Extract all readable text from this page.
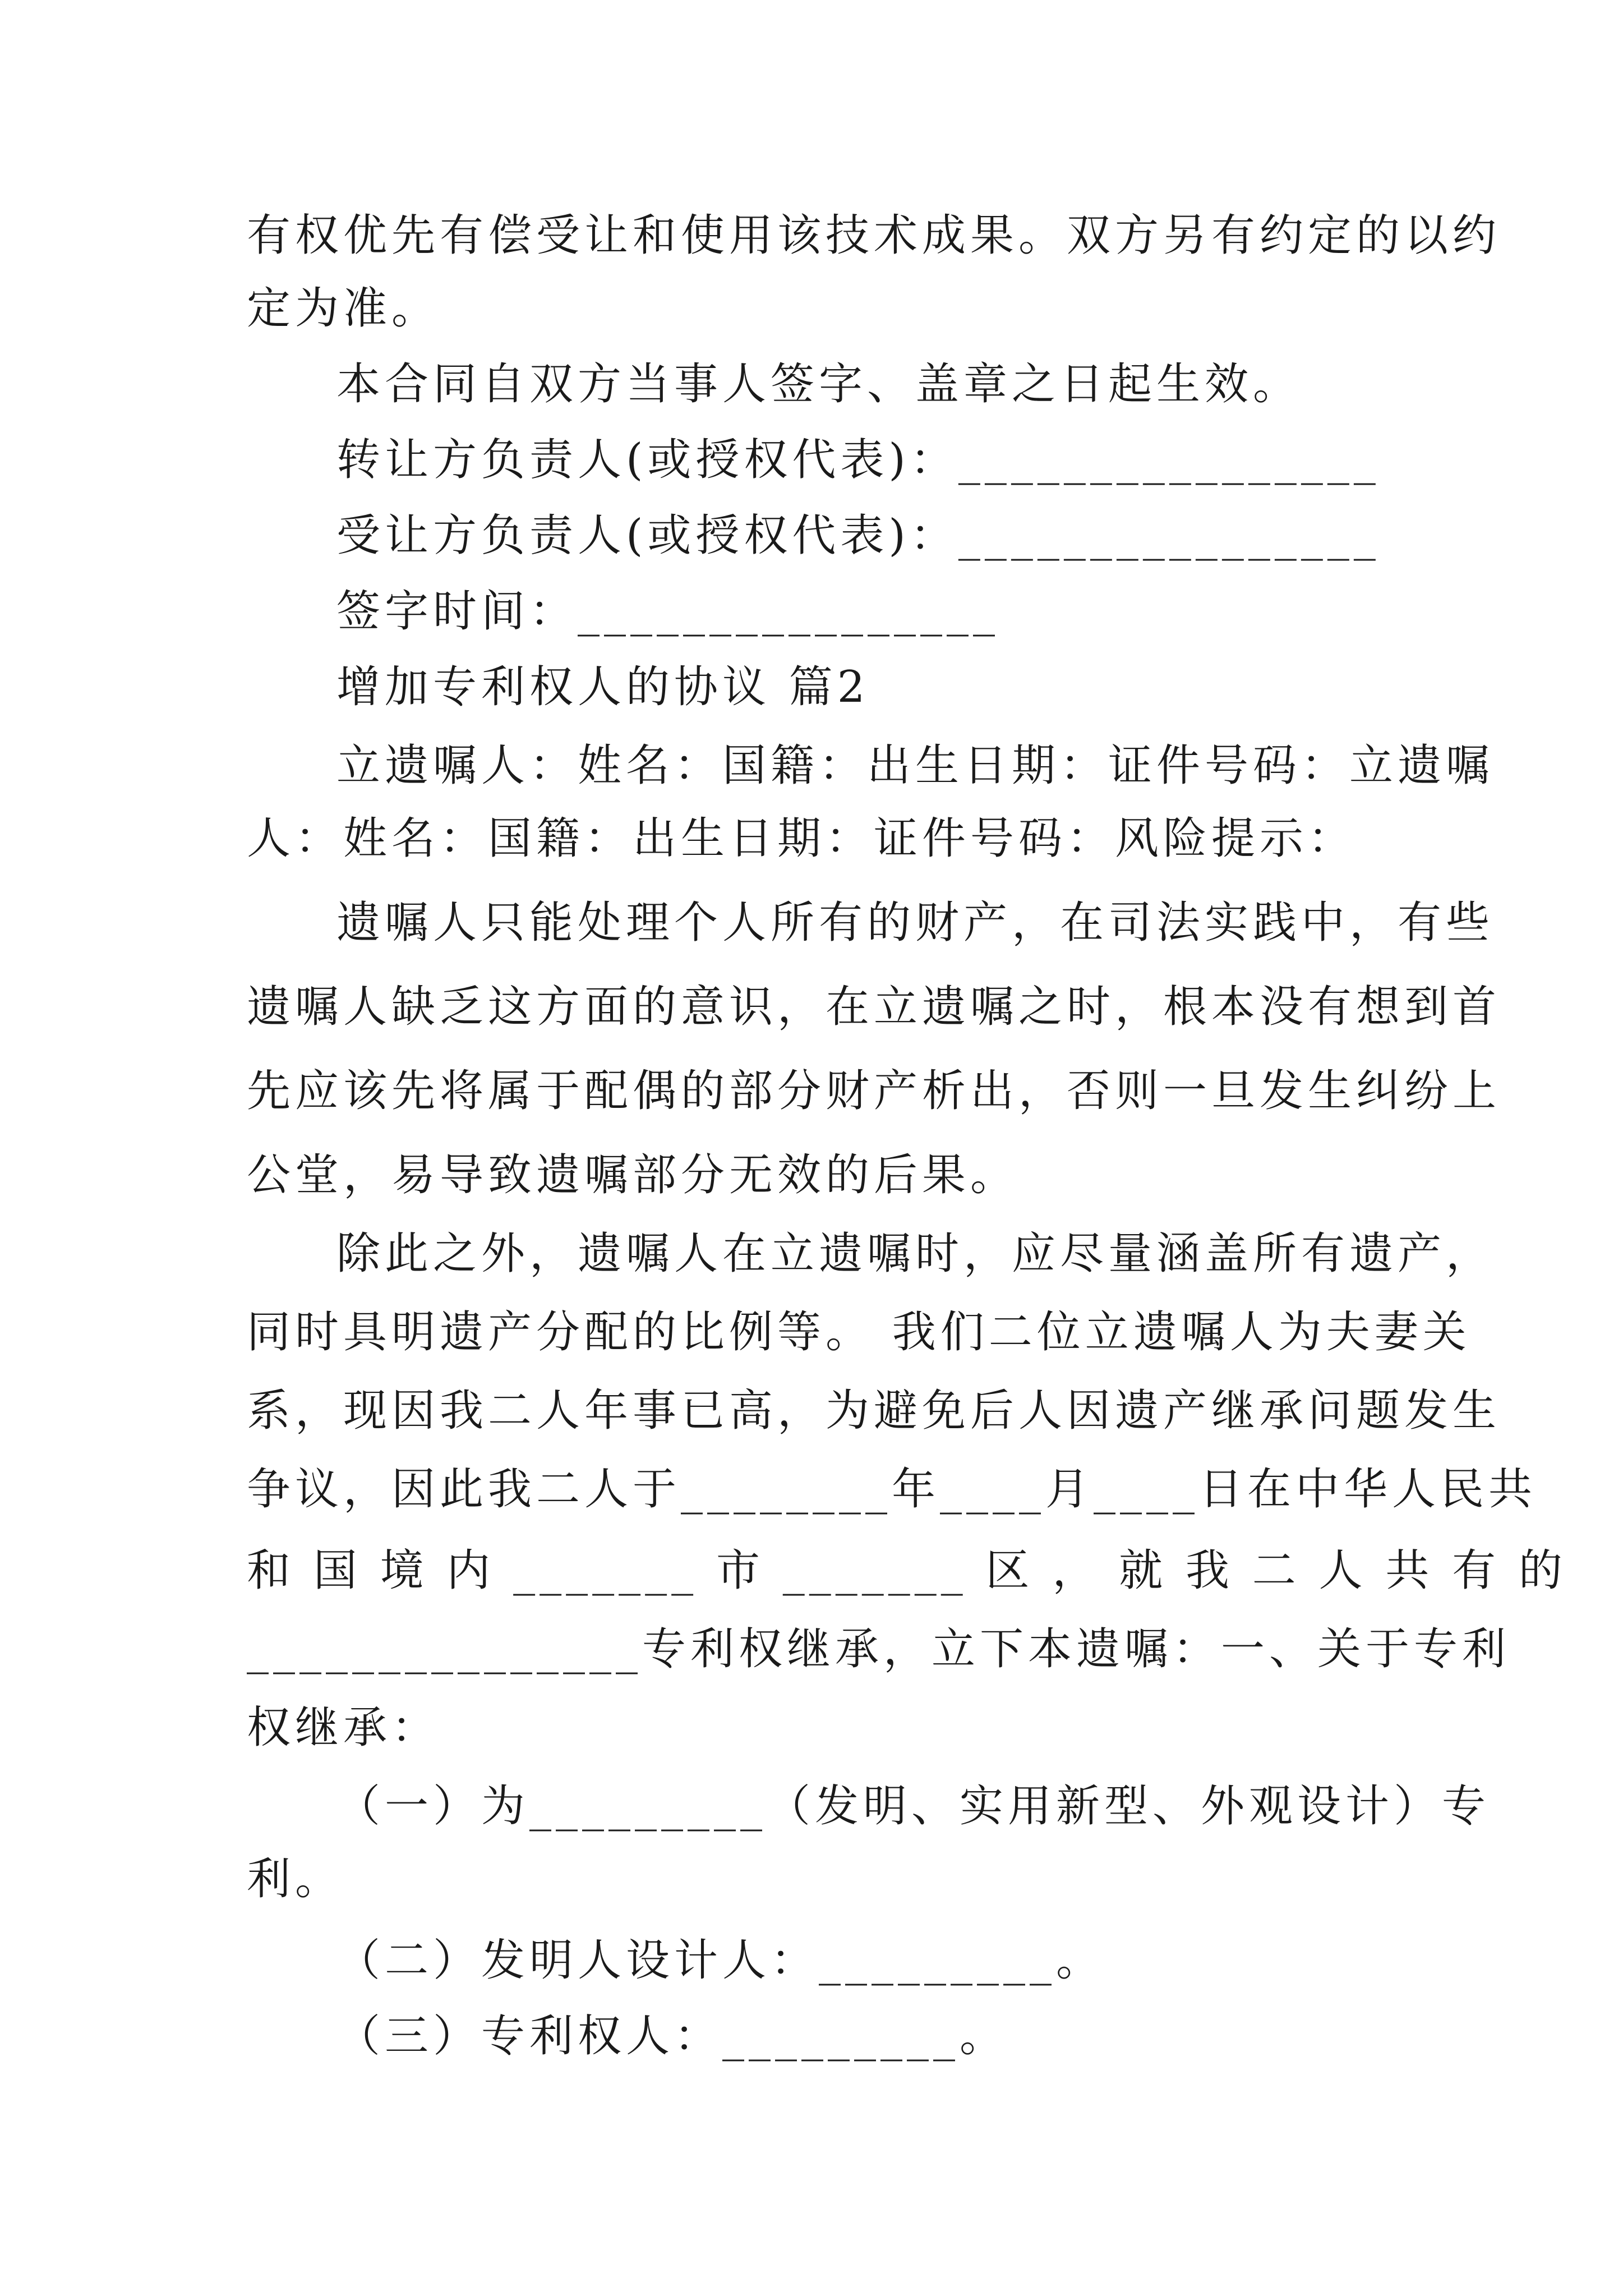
有权优先有偿受让和使用该技术成果。双方另有约定的以约
定为准。
本合同自双方当事人签字、盖章之日起生效。
转让方负责人(或授权代表)：________________
受让方负责人(或授权代表)：________________
签字时间：________________
增加专利权人的协议 篇2
立遗嘱人：姓名：国籍：出生日期：证件号码：立遗嘱
人：姓名：国籍：出生日期：证件号码：风险提示：
遗嘱人只能处理个人所有的财产，在司法实践中，有些
遗嘱人缺乏这方面的意识，在立遗嘱之时，根本没有想到首
先应该先将属于配偶的部分财产析出，否则一旦发生纠纷上
公堂，易导致遗嘱部分无效的后果。
除此之外，遗嘱人在立遗嘱时，应尽量涵盖所有遗产，
同时具明遗产分配的比例等。 我们二位立遗嘱人为夫妻关
系，现因我二人年事已高，为避免后人因遗产继承问题发生
争议，因此我二人于________年____月____日在中华人民共
和 国 境 内 _______ 市 _______ 区 ， 就 我 二 人 共 有 的
_______________专利权继承，立下本遗嘱：一、关于专利
权继承：
（一）为_________（发明、实用新型、外观设计）专
利。
（二）发明人设计人：_________。
（三）专利权人：_________。
